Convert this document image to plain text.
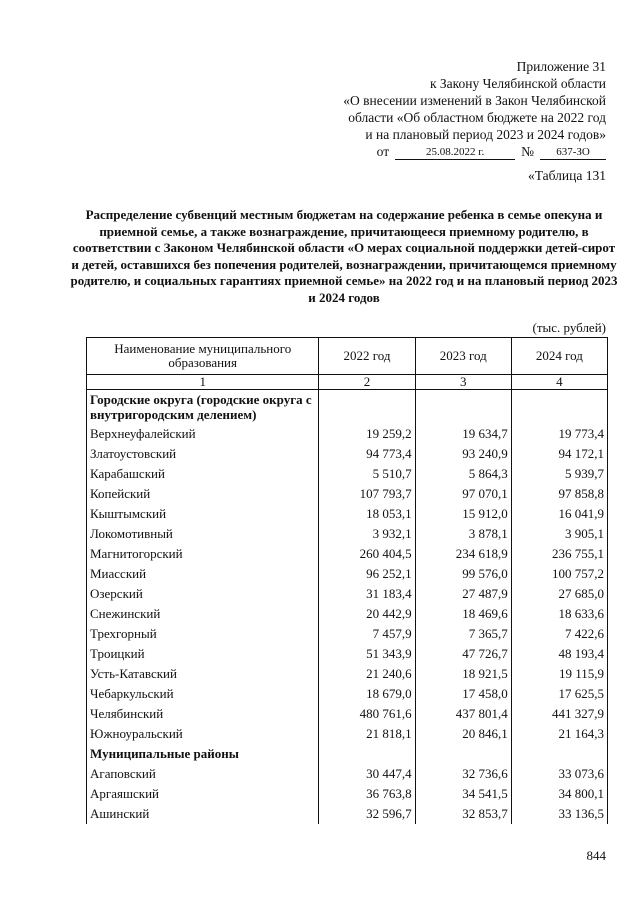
Приложение 31
к Закону Челябинской области
«О внесении изменений в Закон Челябинской
области «Об областном бюджете на 2022 год
и на плановый период 2023 и 2024 годов»
от	25.08.2022 г.	№	637-ЗО
«Таблица 131
Распределение субвенций местным бюджетам на содержание ребенка в семье опекуна и приемной семье, а также вознаграждение, причитающееся приемному родителю, в соответствии с Законом Челябинской области «О мерах социальной поддержки детей-сирот и детей, оставшихся без попечения родителей, вознаграждении, причитающемся приемному родителю, и социальных гарантиях приемной семье» на 2022 год и на плановый период 2023 и 2024 годов
(тыс. рублей)
Наименование муниципального образования	2022 год	2023 год	2024 год
1	2	3	4
Городские округа (городские округа с внутригородским делением)			
Верхнеуфалейский	19 259,2	19 634,7	19 773,4
Златоустовский	94 773,4	93 240,9	94 172,1
Карабашский	5 510,7	5 864,3	5 939,7
Копейский	107 793,7	97 070,1	97 858,8
Кыштымский	18 053,1	15 912,0	16 041,9
Локомотивный	3 932,1	3 878,1	3 905,1
Магнитогорский	260 404,5	234 618,9	236 755,1
Миасский	96 252,1	99 576,0	100 757,2
Озерский	31 183,4	27 487,9	27 685,0
Снежинский	20 442,9	18 469,6	18 633,6
Трехгорный	7 457,9	7 365,7	7 422,6
Троицкий	51 343,9	47 726,7	48 193,4
Усть-Катавский	21 240,6	18 921,5	19 115,9
Чебаркульский	18 679,0	17 458,0	17 625,5
Челябинский	480 761,6	437 801,4	441 327,9
Южноуральский	21 818,1	20 846,1	21 164,3
Муниципальные районы			
Агаповский	30 447,4	32 736,6	33 073,6
Аргаяшский	36 763,8	34 541,5	34 800,1
Ашинский	32 596,7	32 853,7	33 136,5
844
